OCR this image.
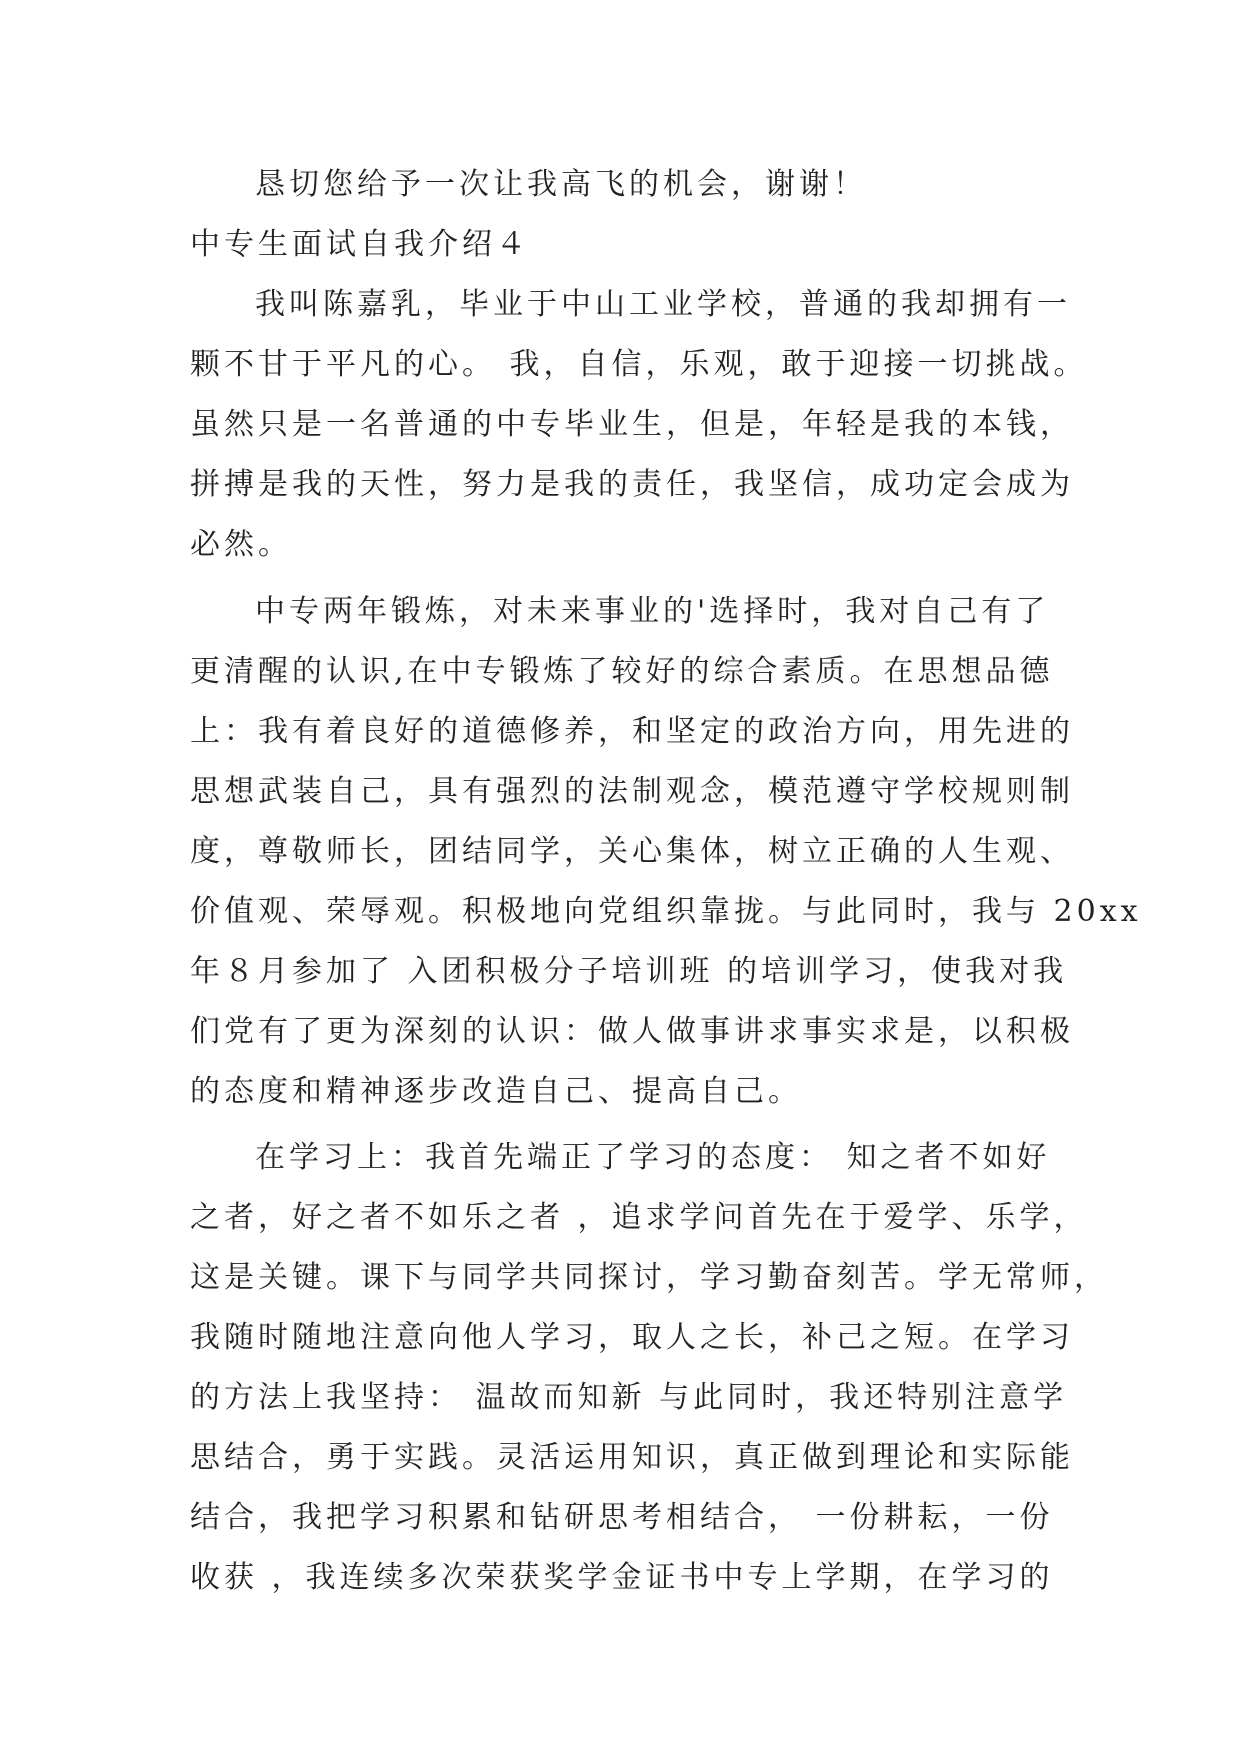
恳切您给予一次让我高飞的机会，谢谢！
中专生面试自我介绍４
我叫陈嘉乳，毕业于中山工业学校，普通的我却拥有一
颗不甘于平凡的心。 我，自信，乐观，敢于迎接一切挑战。
虽然只是一名普通的中专毕业生，但是，年轻是我的本钱，
拼搏是我的天性，努力是我的责任，我坚信，成功定会成为
必然。
中专两年锻炼，对未来事业的'选择时，我对自己有了
更清醒的认识,在中专锻炼了较好的综合素质。在思想品德
上：我有着良好的道德修养，和坚定的政治方向，用先进的
思想武装自己，具有强烈的法制观念，模范遵守学校规则制
度，尊敬师长，团结同学，关心集体，树立正确的人生观、
价值观、荣辱观。积极地向党组织靠拢。与此同时，我与 20xx
年８月参加了 入团积极分子培训班 的培训学习，使我对我
们党有了更为深刻的认识：做人做事讲求事实求是，以积极
的态度和精神逐步改造自己、提高自己。
在学习上：我首先端正了学习的态度： 知之者不如好
之者，好之者不如乐之者 ，追求学问首先在于爱学、乐学，
这是关键。课下与同学共同探讨，学习勤奋刻苦。学无常师，
我随时随地注意向他人学习，取人之长，补己之短。在学习
的方法上我坚持： 温故而知新 与此同时，我还特别注意学
思结合，勇于实践。灵活运用知识，真正做到理论和实际能
结合，我把学习积累和钻研思考相结合， 一份耕耘，一份
收获 ，我连续多次荣获奖学金证书中专上学期，在学习的
